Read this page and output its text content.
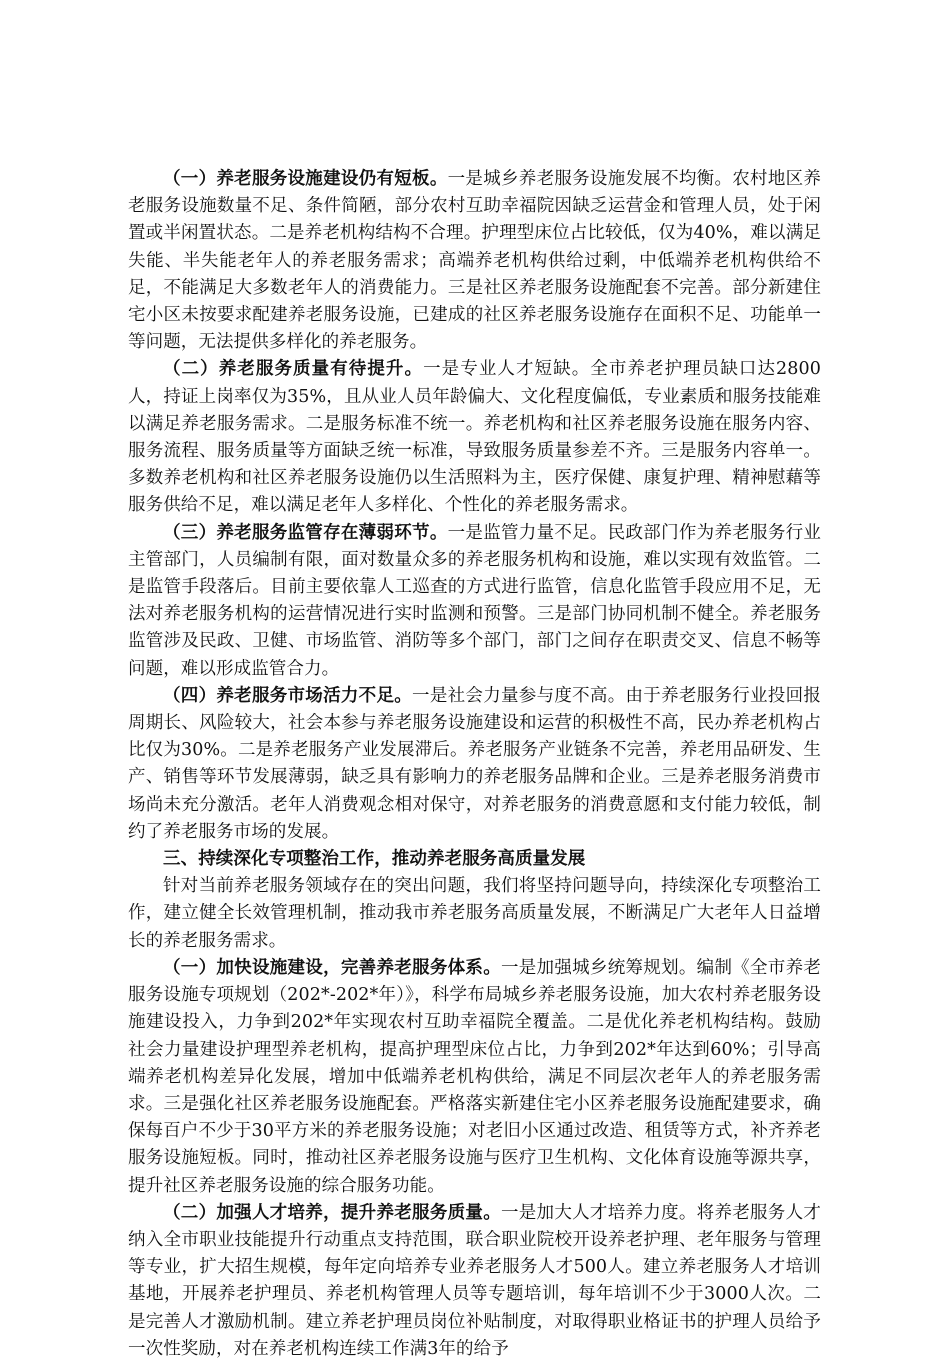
（一）养老服务设施建设仍有短板。一是城乡养老服务设施发展不均衡。农村地区养老服务设施数量不足、条件简陋，部分农村互助幸福院因缺乏运营金和管理人员，处于闲置或半闲置状态。二是养老机构结构不合理。护理型床位占比较低，仅为40%，难以满足失能、半失能老年人的养老服务需求；高端养老机构供给过剩，中低端养老机构供给不足，不能满足大多数老年人的消费能力。三是社区养老服务设施配套不完善。部分新建住宅小区未按要求配建养老服务设施，已建成的社区养老服务设施存在面积不足、功能单一等问题，无法提供多样化的养老服务。

（二）养老服务质量有待提升。一是专业人才短缺。全市养老护理员缺口达2800人，持证上岗率仅为35%，且从业人员年龄偏大、文化程度偏低，专业素质和服务技能难以满足养老服务需求。二是服务标准不统一。养老机构和社区养老服务设施在服务内容、服务流程、服务质量等方面缺乏统一标准，导致服务质量参差不齐。三是服务内容单一。多数养老机构和社区养老服务设施仍以生活照料为主，医疗保健、康复护理、精神慰藉等服务供给不足，难以满足老年人多样化、个性化的养老服务需求。

（三）养老服务监管存在薄弱环节。一是监管力量不足。民政部门作为养老服务行业主管部门，人员编制有限，面对数量众多的养老服务机构和设施，难以实现有效监管。二是监管手段落后。目前主要依靠人工巡查的方式进行监管，信息化监管手段应用不足，无法对养老服务机构的运营情况进行实时监测和预警。三是部门协同机制不健全。养老服务监管涉及民政、卫健、市场监管、消防等多个部门，部门之间存在职责交叉、信息不畅等问题，难以形成监管合力。

（四）养老服务市场活力不足。一是社会力量参与度不高。由于养老服务行业投回报周期长、风险较大，社会本参与养老服务设施建设和运营的积极性不高，民办养老机构占比仅为30%。二是养老服务产业发展滞后。养老服务产业链条不完善，养老用品研发、生产、销售等环节发展薄弱，缺乏具有影响力的养老服务品牌和企业。三是养老服务消费市场尚未充分激活。老年人消费观念相对保守，对养老服务的消费意愿和支付能力较低，制约了养老服务市场的发展。

三、持续深化专项整治工作，推动养老服务高质量发展

针对当前养老服务领域存在的突出问题，我们将坚持问题导向，持续深化专项整治工作，建立健全长效管理机制，推动我市养老服务高质量发展，不断满足广大老年人日益增长的养老服务需求。

（一）加快设施建设，完善养老服务体系。一是加强城乡统筹规划。编制《全市养老服务设施专项规划（202*-202*年）》，科学布局城乡养老服务设施，加大农村养老服务设施建设投入，力争到202*年实现农村互助幸福院全覆盖。二是优化养老机构结构。鼓励社会力量建设护理型养老机构，提高护理型床位占比，力争到202*年达到60%；引导高端养老机构差异化发展，增加中低端养老机构供给，满足不同层次老年人的养老服务需求。三是强化社区养老服务设施配套。严格落实新建住宅小区养老服务设施配建要求，确保每百户不少于30平方米的养老服务设施；对老旧小区通过改造、租赁等方式，补齐养老服务设施短板。同时，推动社区养老服务设施与医疗卫生机构、文化体育设施等源共享，提升社区养老服务设施的综合服务功能。

（二）加强人才培养，提升养老服务质量。一是加大人才培养力度。将养老服务人才纳入全市职业技能提升行动重点支持范围，联合职业院校开设养老护理、老年服务与管理等专业，扩大招生规模，每年定向培养专业养老服务人才500人。建立养老服务人才培训基地，开展养老护理员、养老机构管理人员等专题培训，每年培训不少于3000人次。二是完善人才激励机制。建立养老护理员岗位补贴制度，对取得职业格证书的护理人员给予一次性奖励，对在养老机构连续工作满3年的给予
